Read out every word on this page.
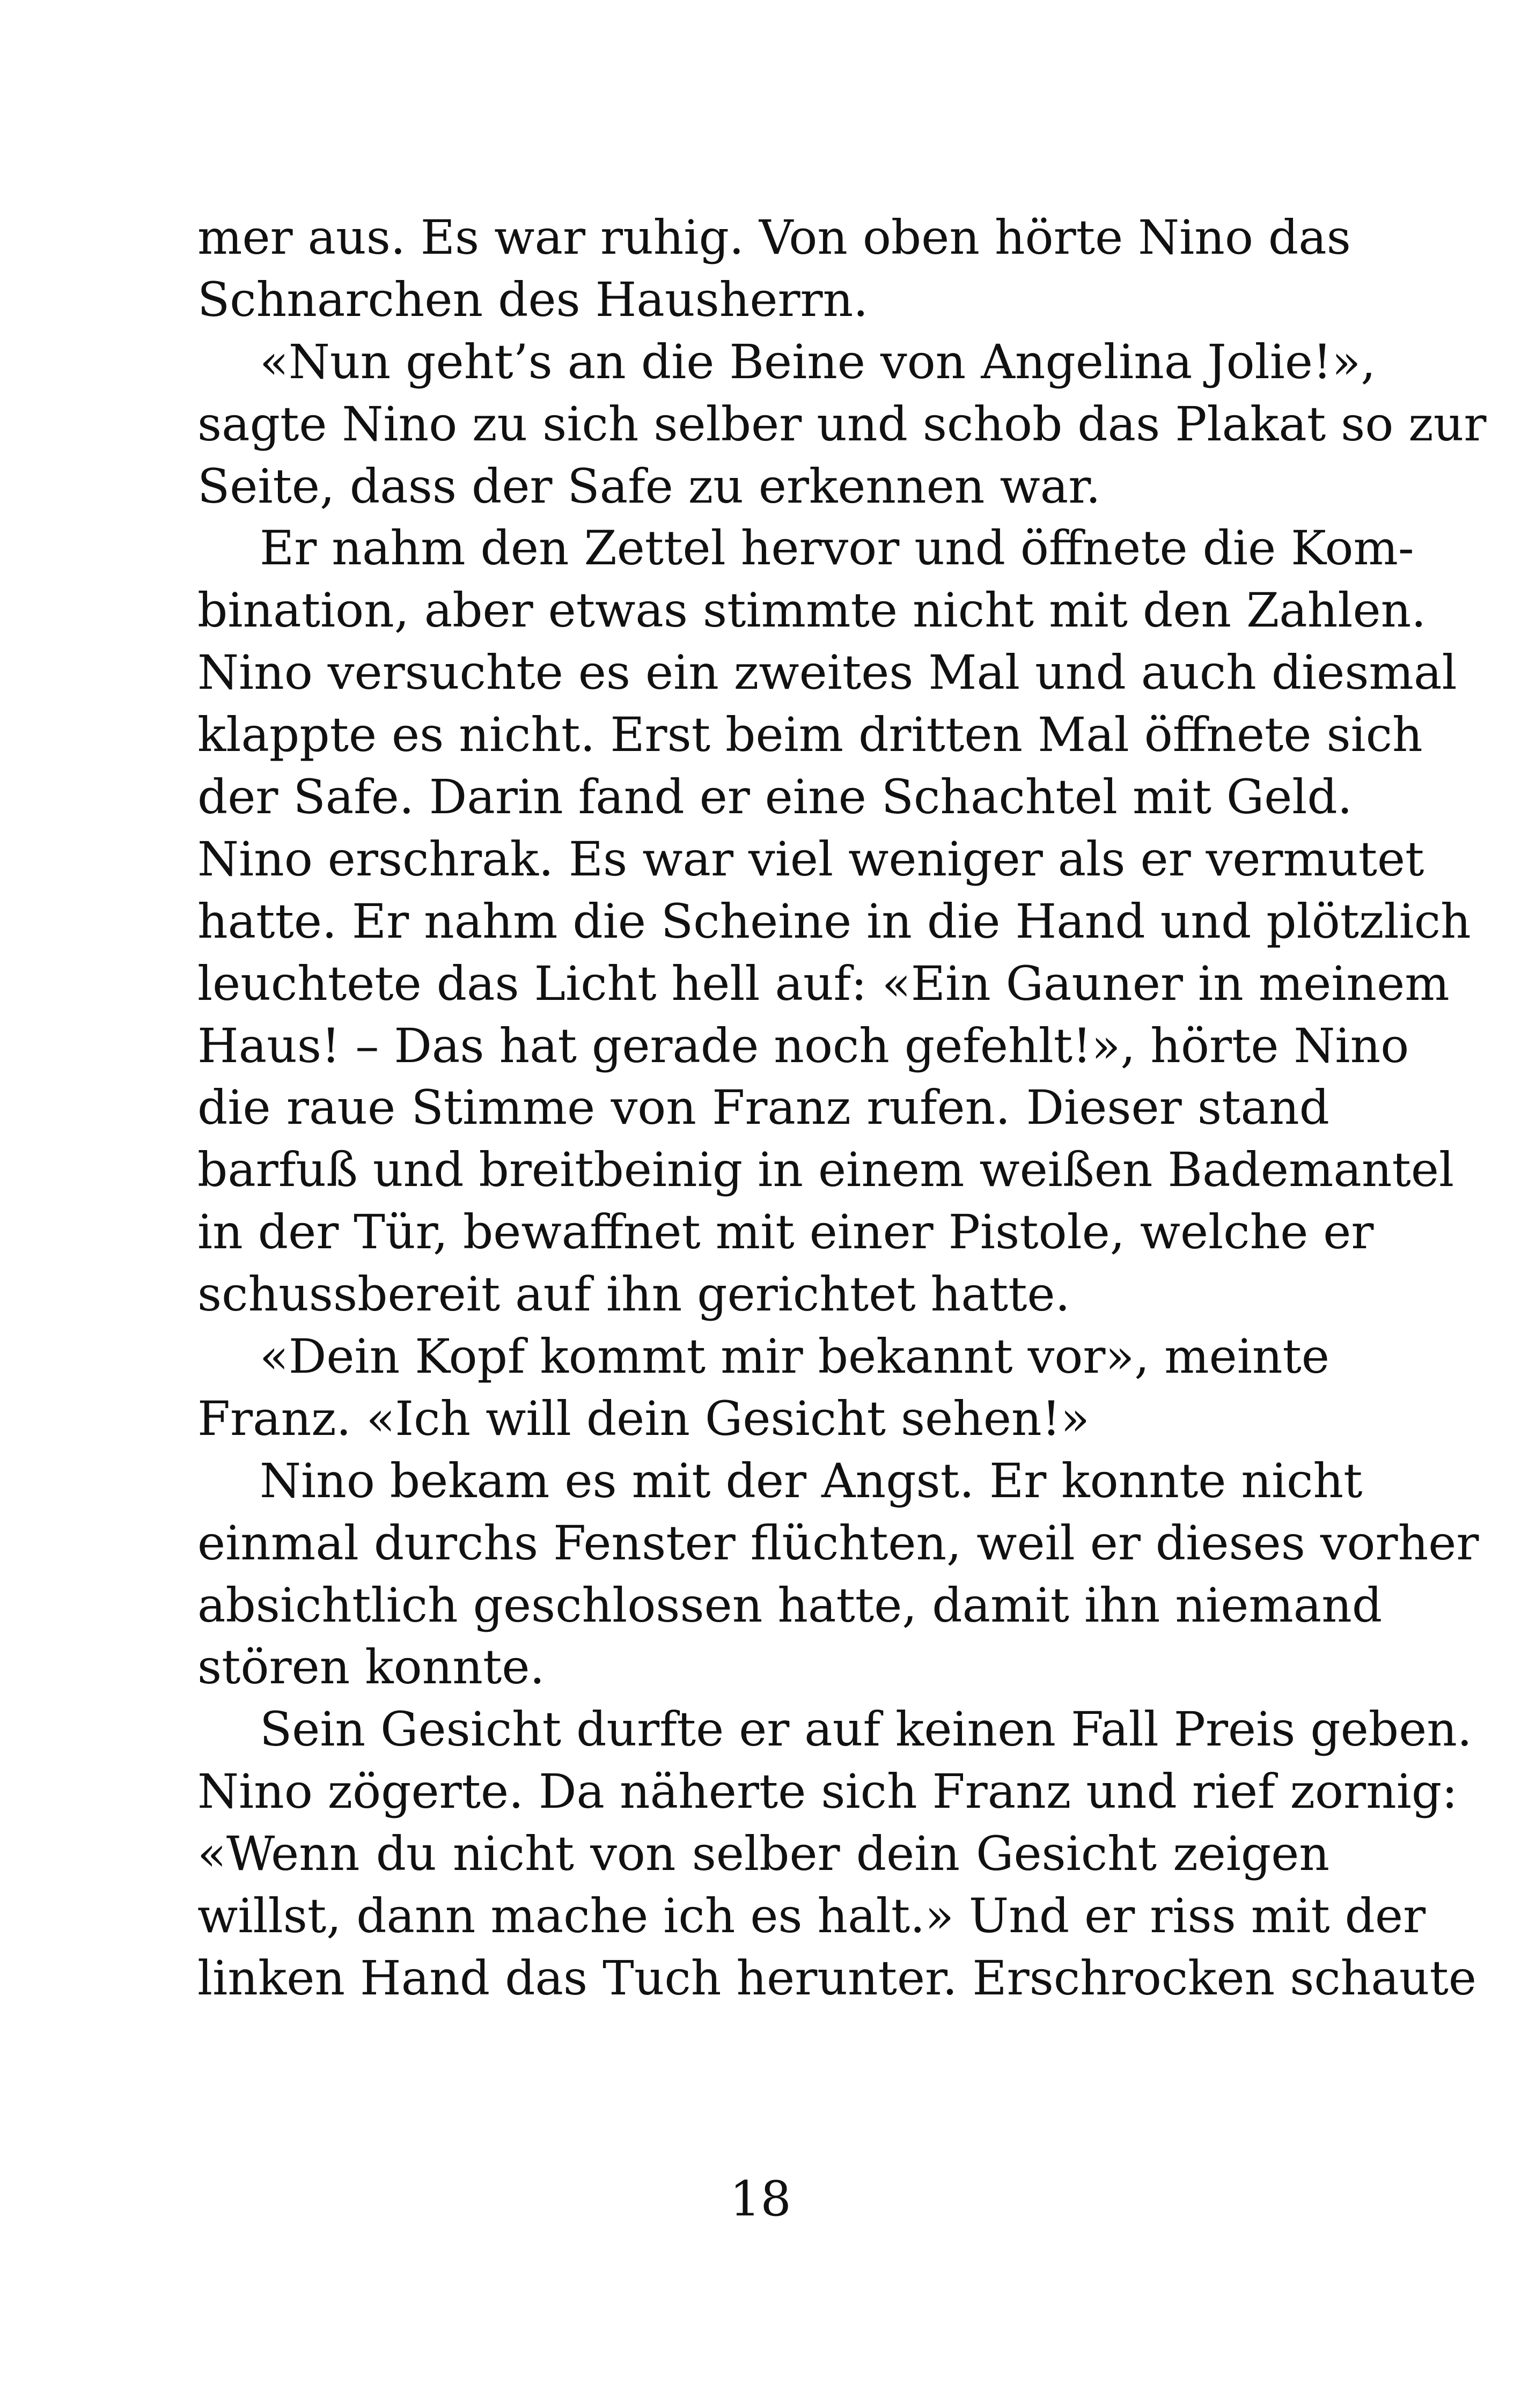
mer aus. Es war ruhig. Von oben hörte Nino das
Schnarchen des Hausherrn.
«Nun geht’s an die Beine von Angelina Jolie!»,
sagte Nino zu sich selber und schob das Plakat so zur
Seite, dass der Safe zu erkennen war.
Er nahm den Zettel hervor und öffnete die Kom-
bination, aber etwas stimmte nicht mit den Zahlen.
Nino versuchte es ein zweites Mal und auch diesmal
klappte es nicht. Erst beim dritten Mal öffnete sich
der Safe. Darin fand er eine Schachtel mit Geld.
Nino erschrak. Es war viel weniger als er vermutet
hatte. Er nahm die Scheine in die Hand und plötzlich
leuchtete das Licht hell auf: «Ein Gauner in meinem
Haus! – Das hat gerade noch gefehlt!», hörte Nino
die raue Stimme von Franz rufen. Dieser stand
barfuß und breitbeinig in einem weißen Bademantel
in der Tür, bewaffnet mit einer Pistole, welche er
schussbereit auf ihn gerichtet hatte.
«Dein Kopf kommt mir bekannt vor», meinte
Franz. «Ich will dein Gesicht sehen!»
Nino bekam es mit der Angst. Er konnte nicht
einmal durchs Fenster flüchten, weil er dieses vorher
absichtlich geschlossen hatte, damit ihn niemand
stören konnte.
Sein Gesicht durfte er auf keinen Fall Preis geben.
Nino zögerte. Da näherte sich Franz und rief zornig:
«Wenn du nicht von selber dein Gesicht zeigen
willst, dann mache ich es halt.» Und er riss mit der
linken Hand das Tuch herunter. Erschrocken schaute
18
